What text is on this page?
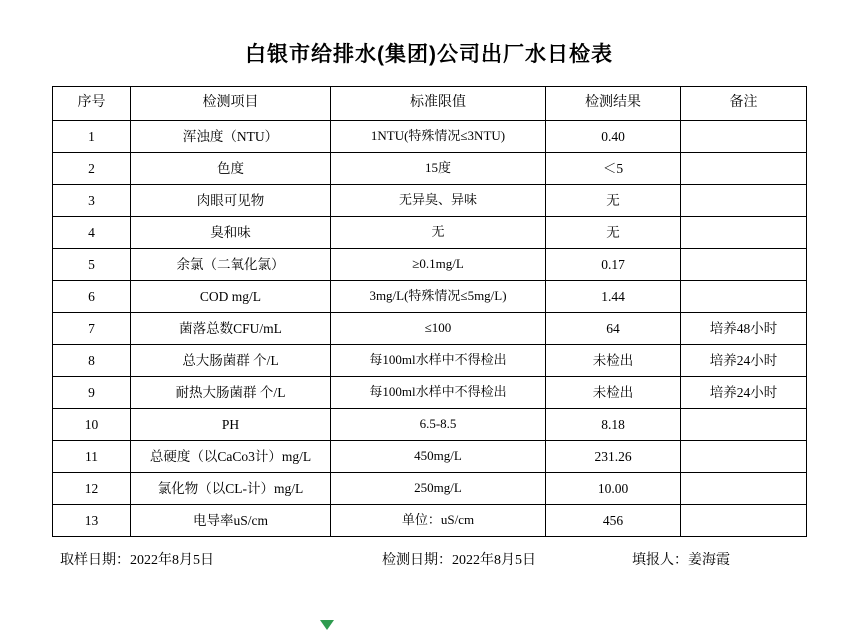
白银市给排水(集团)公司出厂水日检表
序号	检测项目	标准限值	检测结果	备注
1	浑浊度（NTU）	1NTU(特殊情况≤3NTU)	0.40	
2	色度	15度	＜5	
3	肉眼可见物	无异臭、异味	无	
4	臭和味	无	无	
5	余氯（二氧化氯）	≥0.1mg/L	0.17	
6	COD mg/L	3mg/L(特殊情况≤5mg/L)	1.44	
7	菌落总数CFU/mL	≤100	64	培养48小时
8	总大肠菌群 个/L	每100ml水样中不得检出	未检出	培养24小时
9	耐热大肠菌群 个/L	每100ml水样中不得检出	未检出	培养24小时
10	PH	6.5-8.5	8.18	
11	总硬度（以CaCo3计）mg/L	450mg/L	231.26	
12	氯化物（以CL-计）mg/L	250mg/L	10.00	
13	电导率uS/cm	单位：uS/cm	456	
取样日期：2022年8月5日	检测日期：2022年8月5日	填报人：姜海霞
